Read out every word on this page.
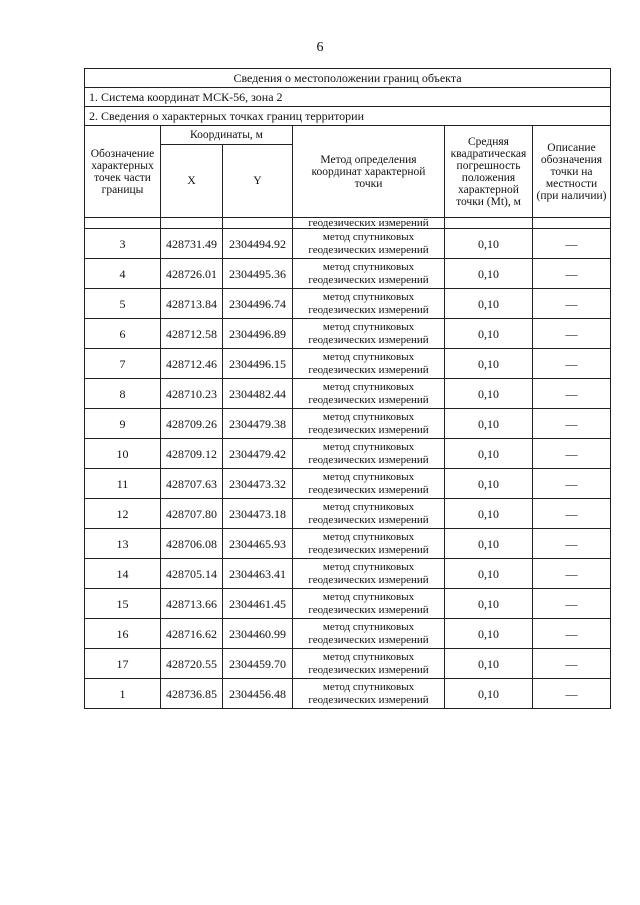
6
Сведения о местоположении границ объекта					
1. Система координат МСК-56, зона 2					
2. Сведения о характерных точках границ территории					
Обозначение характерных точек части границы	Координаты, м		Метод определения координат характерной точки	Средняя квадратическая погрешность положения характерной точки (Mt), м	Описание обозначения точки на местности (при наличии)
	X	Y			
			геодезических измерений		
3	428731.49	2304494.92	метод спутниковых геодезических измерений	0,10	—
4	428726.01	2304495.36	метод спутниковых геодезических измерений	0,10	—
5	428713.84	2304496.74	метод спутниковых геодезических измерений	0,10	—
6	428712.58	2304496.89	метод спутниковых геодезических измерений	0,10	—
7	428712.46	2304496.15	метод спутниковых геодезических измерений	0,10	—
8	428710.23	2304482.44	метод спутниковых геодезических измерений	0,10	—
9	428709.26	2304479.38	метод спутниковых геодезических измерений	0,10	—
10	428709.12	2304479.42	метод спутниковых геодезических измерений	0,10	—
11	428707.63	2304473.32	метод спутниковых геодезических измерений	0,10	—
12	428707.80	2304473.18	метод спутниковых геодезических измерений	0,10	—
13	428706.08	2304465.93	метод спутниковых геодезических измерений	0,10	—
14	428705.14	2304463.41	метод спутниковых геодезических измерений	0,10	—
15	428713.66	2304461.45	метод спутниковых геодезических измерений	0,10	—
16	428716.62	2304460.99	метод спутниковых геодезических измерений	0,10	—
17	428720.55	2304459.70	метод спутниковых геодезических измерений	0,10	—
1	428736.85	2304456.48	метод спутниковых геодезических измерений	0,10	—
